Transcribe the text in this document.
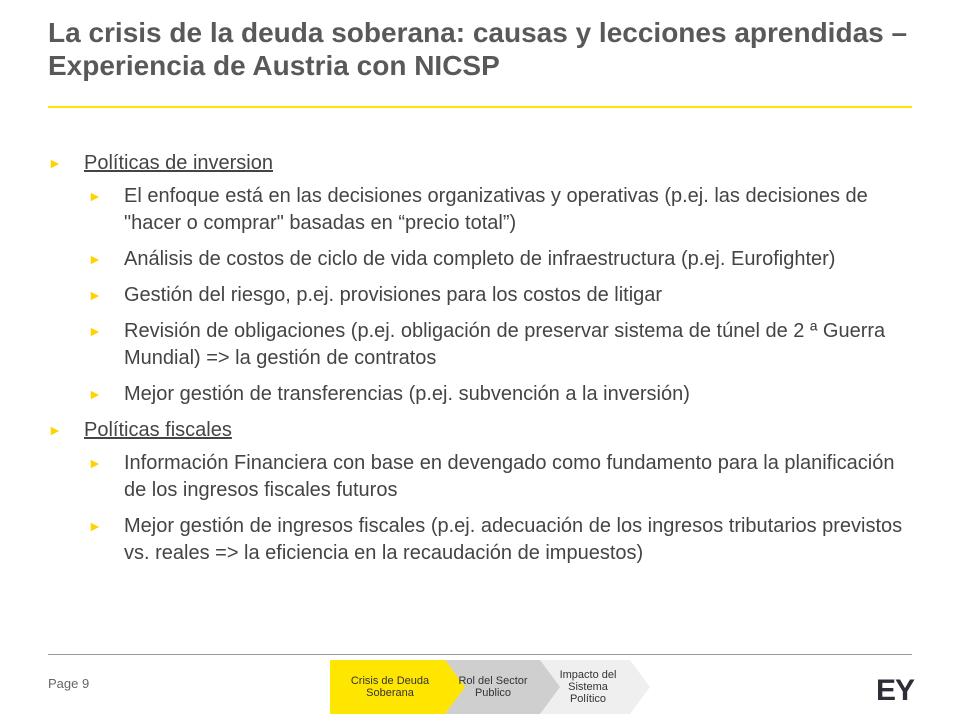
La crisis de la deuda soberana: causas y lecciones aprendidas – Experiencia de Austria con NICSP
► Políticas de inversion
► El enfoque está en las decisiones organizativas y operativas (p.ej. las decisiones de "hacer o comprar" basadas en “precio total”)
► Análisis de costos de ciclo de vida completo de infraestructura (p.ej. Eurofighter)
► Gestión del riesgo, p.ej. provisiones para los costos de litigar
► Revisión de obligaciones (p.ej. obligación de preservar sistema de túnel de 2 ª Guerra Mundial) => la gestión de contratos
► Mejor gestión de transferencias (p.ej. subvención a la inversión)
► Políticas fiscales
► Información Financiera con base en devengado como fundamento para la planificación de los ingresos fiscales futuros
► Mejor gestión de ingresos fiscales (p.ej. adecuación de los ingresos tributarios previstos vs. reales => la eficiencia en la recaudación de impuestos)
Page 9	Crisis de Deuda Soberana
Rol del Sector Publico
Impacto del Sistema Político	EY
